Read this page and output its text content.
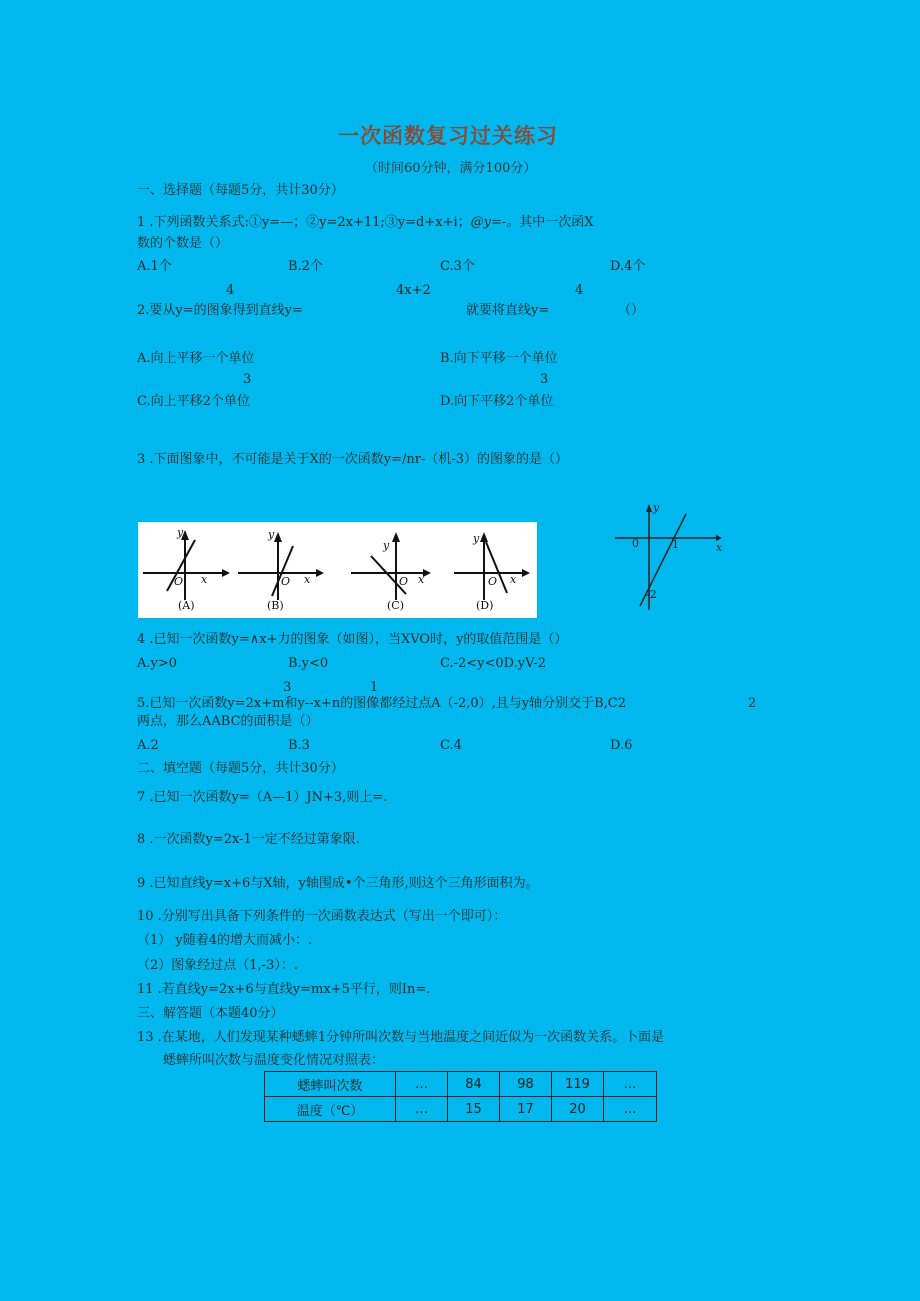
一次函数复习过关练习
（时间60分钟，满分100分）
一、选择题（每题5分，共计30分）
1 .下列函数关系式:①y=—；②y=2x+11;③y=d+x+i；@y=-。其中一次函X
数的个数是（）
A.1个	B.2个	C.3个	D.4个
4	4x+2	4
2.要从y=的图象得到直线y=	就要将直线y=	（）
A.向上平移一个单位	B.向下平移一个单位
3	3
C.向上平移2个单位	D.向下平移2个单位
3 .下面图象中，不可能是关于X的一次函数y=/nr-（机-3）的图象的是（）
y
O x
(A)
y
O x
(B)
y
O x
(C)
y
O x
(D)
y
x
0	1
-2
4 .已知一次函数y=∧x+力的图象（如图），当XVO时，y的取值范围是（）
A.y>0	B.y<0	C.-2<y<0D.yV-2
3	1
5.已知一次函数y=2x+m和y--x+n的图像都经过点A（-2,0）,且与y轴分别交于B,C2	2
两点，那么AABC的面积是（）
A.2	B.3	C.4	D.6
二、填空题（每题5分，共计30分）
7 .已知一次函数y=（A—1）JN+3,则上=.
8 .一次函数y=2x-1一定不经过第象限.
9 .已知直线y=x+6与X轴，y轴围成•个三角形,则这个三角形面积为。
10 .分别写出具备下列条件的一次函数表达式（写出一个即可）：
（1） y随着4的增大而减小：.
（2）图象经过点（1,-3）：.
11 .若直线y=2x+6与直线y=mx+5平行，则In=.
三、解答题（本题40分）
13 .在某地，人们发现某种蟋蟀1分钟所叫次数与当地温度之间近似为一次函数关系。卜面是
蟋蟀所叫次数与温度变化情况对照表：
蟋蟀叫次数	…	84	98	119	…
温度（℃）	…	15	17	20	…
